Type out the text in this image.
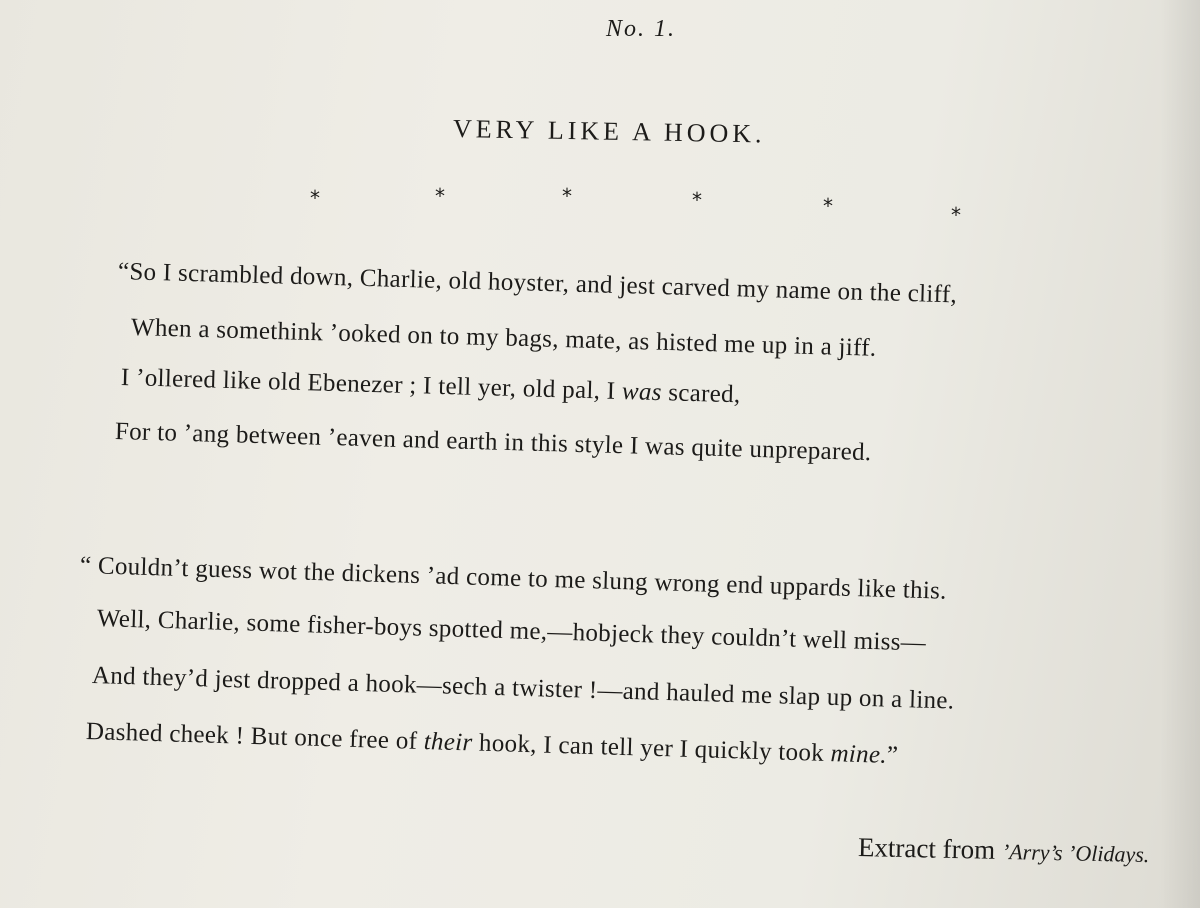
No. 1.
VERY LIKE A HOOK.
*	*	*	*	*	*
“So I scrambled down, Charlie, old hoyster, and jest carved my name on the cliff,
When a somethink ’ooked on to my bags, mate, as histed me up in a jiff.
I ’ollered like old Ebenezer ; I tell yer, old pal, I was scared,
For to ’ang between ’eaven and earth in this style I was quite unprepared.
“ Couldn’t guess wot the dickens ’ad come to me slung wrong end uppards like this.
Well, Charlie, some fisher-boys spotted me,—hobjeck they couldn’t well miss—
And they’d jest dropped a hook—sech a twister !—and hauled me slap up on a line.
Dashed cheek ! But once free of their hook, I can tell yer I quickly took mine.”
Extract from ’Arry’s ’Olidays.
